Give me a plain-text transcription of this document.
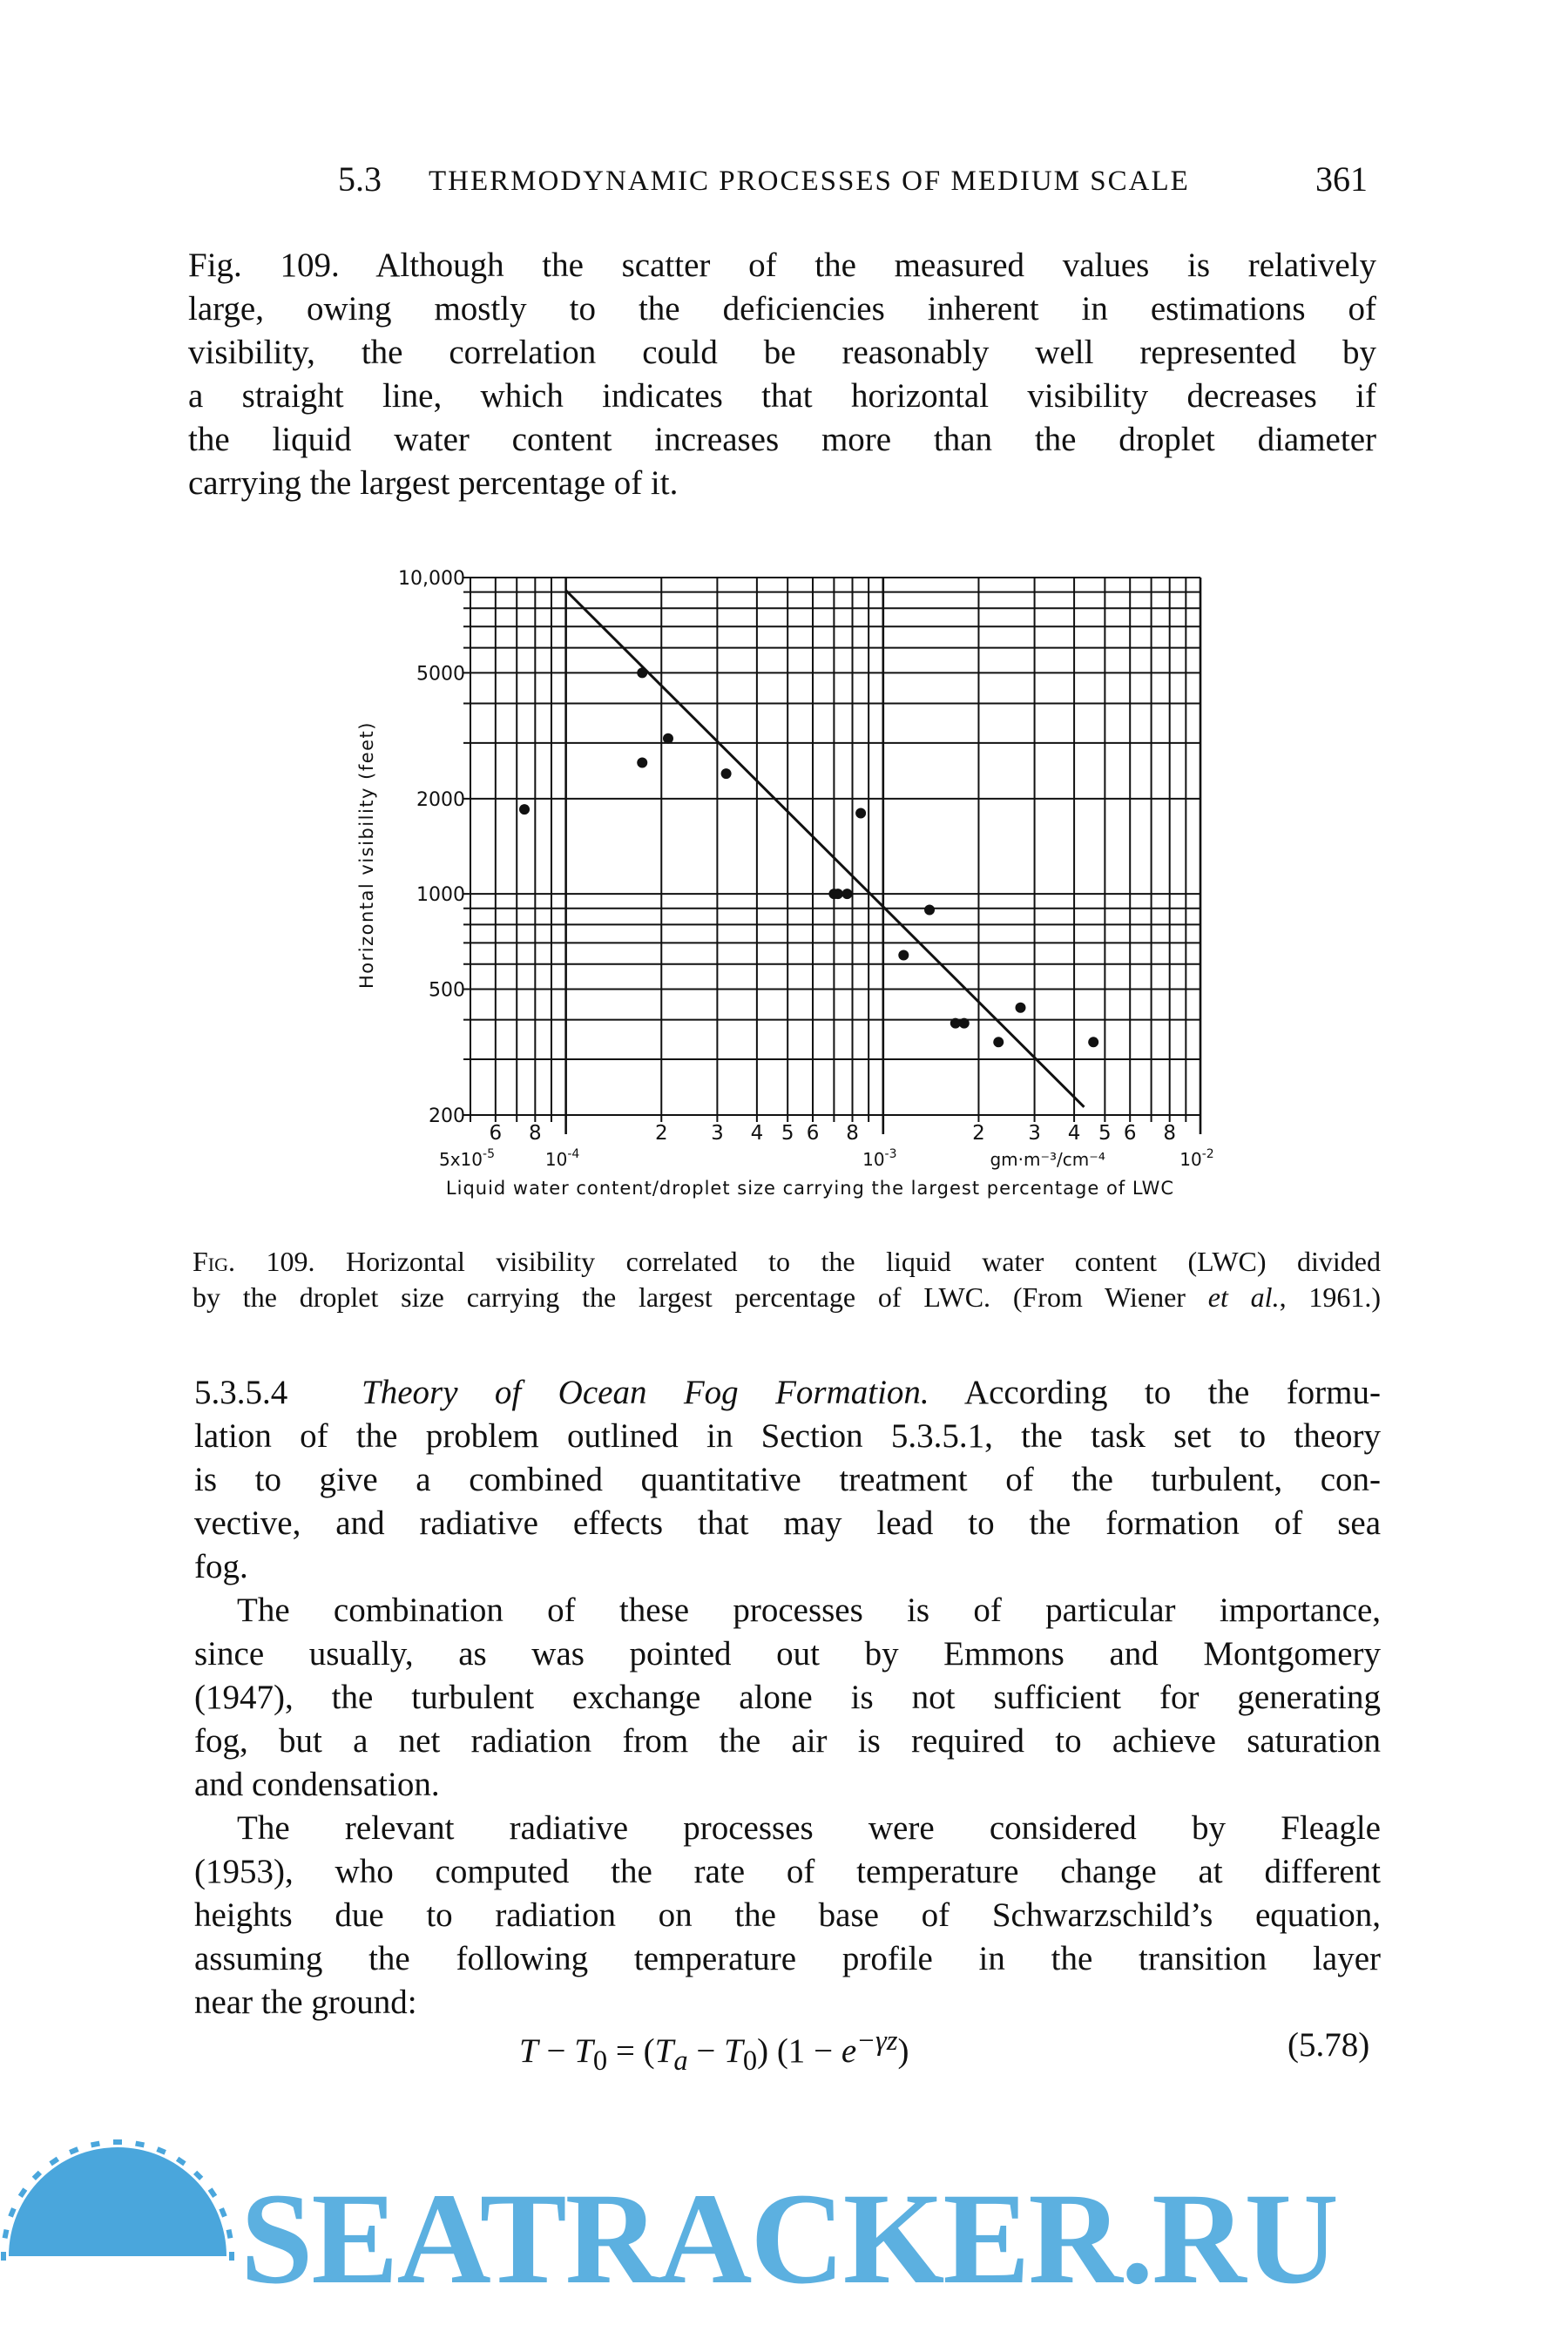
5.3 THERMODYNAMIC PROCESSES OF MEDIUM SCALE	361
Fig. 109. Although the scatter of the measured values is relatively
large, owing mostly to the deficiencies inherent in estimations of
visibility, the correlation could be reasonably well represented by
a straight line, which indicates that horizontal visibility decreases if
the liquid water content increases more than the droplet diameter
carrying the largest percentage of it.
10,000
5000
2000
1000
500
200
6 8	2 3 4 5 6 8	2 3 4 5 6 8
$5x10^{-5}$	$10^{-4}$	$10^{-3}$	$10^{-2}$
gm·m⁻³/cm⁻⁴
Horizontal visibility (feet)
Liquid water content/droplet size carrying the largest percentage of LWC
Fig. 109. Horizontal visibility correlated to the liquid water content (LWC) divided
by the droplet size carrying the largest percentage of LWC. (From Wiener et al., 1961.)
5.3.5.4 Theory of Ocean Fog Formation. According to the formu-
lation of the problem outlined in Section 5.3.5.1, the task set to theory
is to give a combined quantitative treatment of the turbulent, con-
vective, and radiative effects that may lead to the formation of sea
fog.
The combination of these processes is of particular importance,
since usually, as was pointed out by Emmons and Montgomery
(1947), the turbulent exchange alone is not sufficient for generating
fog, but a net radiation from the air is required to achieve saturation
and condensation.
The relevant radiative processes were considered by Fleagle
(1953), who computed the rate of temperature change at different
heights due to radiation on the base of Schwarzschild’s equation,
assuming the following temperature profile in the transition layer
near the ground:
$T - T_0 = (T_a - T_0) (1 - e^{-\gamma z})$	(5.78)
SEATRACKER.RU
